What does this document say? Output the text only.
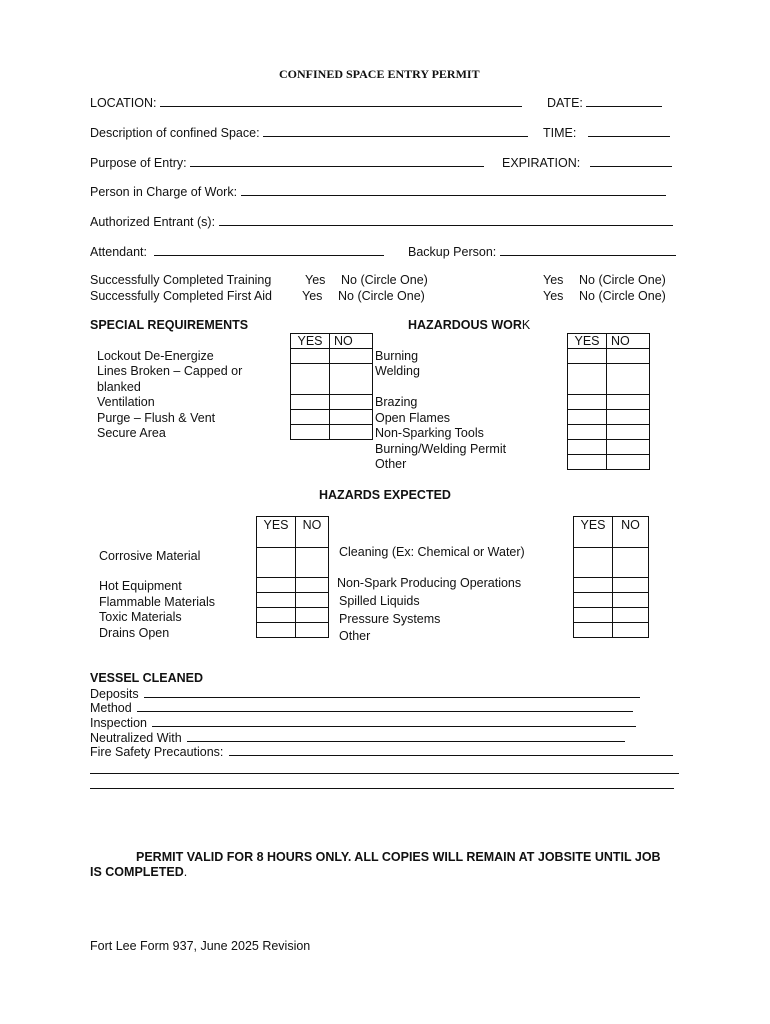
CONFINED SPACE ENTRY PERMIT
LOCATION:	DATE:
Description of confined Space:	TIME:
Purpose of Entry:	EXPIRATION:
Person in Charge of Work:
Authorized Entrant (s):
Attendant:	Backup Person:
Successfully Completed Training	Yes No (Circle One)	Yes No (Circle One)
Successfully Completed First Aid Yes No (Circle One)	Yes No (Circle One)
SPECIAL REQUIREMENTS	HAZARDOUS WORK
Lockout De-Energize
Lines Broken – Capped or
blanked
Ventilation
Purge – Flush & Vent
Secure Area
YES	NO

Burning
Welding
Brazing
Open Flames
Non-Sparking Tools
Burning/Welding Permit
Other
YES	NO

HAZARDS EXPECTED
YES	NO

		YES	NO

Corrosive Material
Hot Equipment
Flammable Materials
Toxic Materials
Drains Open
Cleaning (Ex: Chemical or Water)
Non-Spark Producing Operations
Spilled Liquids
Pressure Systems
Other
VESSEL CLEANED
Deposits
Method
Inspection
Neutralized With
Fire Safety Precautions:
PERMIT VALID FOR 8 HOURS ONLY. ALL COPIES WILL REMAIN AT JOBSITE UNTIL JOB
IS COMPLETED.
Fort Lee Form 937, June 2025 Revision
